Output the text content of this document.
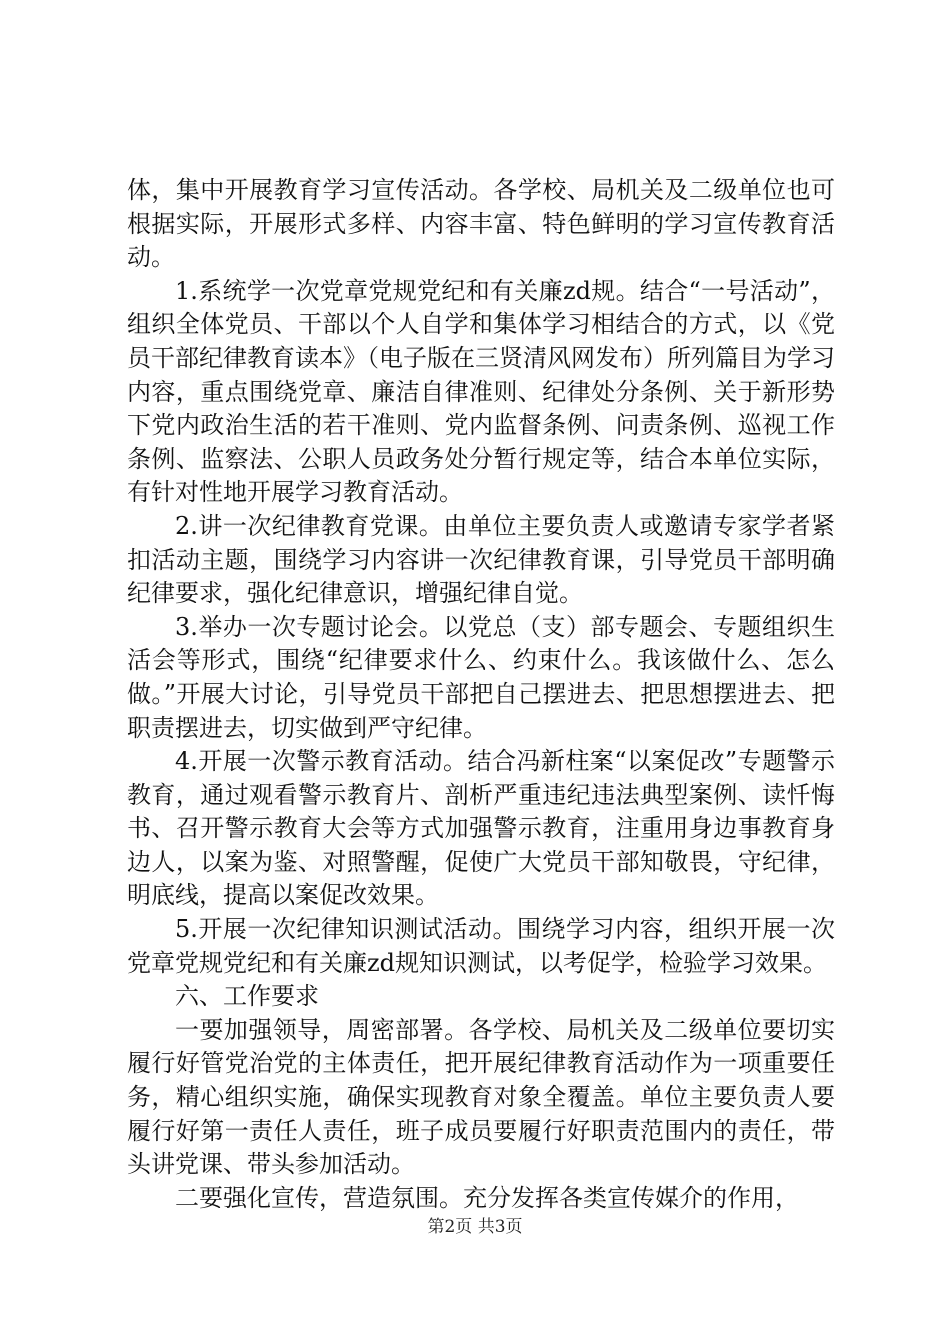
体，集中开展教育学习宣传活动。各学校、局机关及二级单位也可根据实际，开展形式多样、内容丰富、特色鲜明的学习宣传教育活动。

1.系统学一次党章党规党纪和有关廉zd规。结合“一号活动”，组织全体党员、干部以个人自学和集体学习相结合的方式，以《党员干部纪律教育读本》（电子版在三贤清风网发布）所列篇目为学习内容，重点围绕党章、廉洁自律准则、纪律处分条例、关于新形势下党内政治生活的若干准则、党内监督条例、问责条例、巡视工作条例、监察法、公职人员政务处分暂行规定等，结合本单位实际，有针对性地开展学习教育活动。

2.讲一次纪律教育党课。由单位主要负责人或邀请专家学者紧扣活动主题，围绕学习内容讲一次纪律教育课，引导党员干部明确纪律要求，强化纪律意识，增强纪律自觉。

3.举办一次专题讨论会。以党总（支）部专题会、专题组织生活会等形式，围绕“纪律要求什么、约束什么。我该做什么、怎么做。”开展大讨论，引导党员干部把自己摆进去、把思想摆进去、把职责摆进去，切实做到严守纪律。

4.开展一次警示教育活动。结合冯新柱案“以案促改”专题警示教育，通过观看警示教育片、剖析严重违纪违法典型案例、读忏悔书、召开警示教育大会等方式加强警示教育，注重用身边事教育身边人，以案为鉴、对照警醒，促使广大党员干部知敬畏，守纪律，明底线，提高以案促改效果。

5.开展一次纪律知识测试活动。围绕学习内容，组织开展一次党章党规党纪和有关廉zd规知识测试，以考促学，检验学习效果。

六、工作要求

一要加强领导，周密部署。各学校、局机关及二级单位要切实履行好管党治党的主体责任，把开展纪律教育活动作为一项重要任务，精心组织实施，确保实现教育对象全覆盖。单位主要负责人要履行好第一责任人责任，班子成员要履行好职责范围内的责任，带头讲党课、带头参加活动。

二要强化宣传，营造氛围。充分发挥各类宣传媒介的作用，

第2页 共3页
